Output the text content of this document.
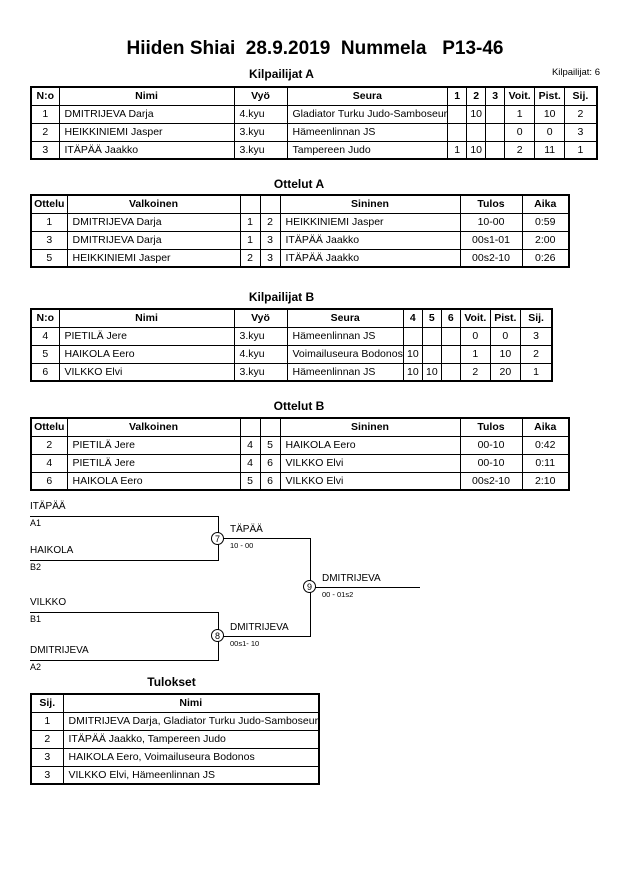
Hiiden Shiai  28.9.2019  Nummela   P13-46
Kilpailijat: 6
Kilpailijat A
N:o	Nimi	Vyö	Seura	1	2	3	Voit.	Pist.	Sij.
1	DMITRIJEVA Darja	4.kyu	Gladiator Turku Judo-Samboseur		10		1	10	2
2	HEIKKINIEMI Jasper	3.kyu	Hämeenlinnan JS				0	0	3
3	ITÄPÄÄ Jaakko	3.kyu	Tampereen Judo	1	10		2	11	1
Ottelut A
Ottelu	Valkoinen			Sininen	Tulos	Aika
1	DMITRIJEVA Darja	1	2	HEIKKINIEMI Jasper	10-00	0:59
3	DMITRIJEVA Darja	1	3	ITÄPÄÄ Jaakko	00s1-01	2:00
5	HEIKKINIEMI Jasper	2	3	ITÄPÄÄ Jaakko	00s2-10	0:26
Kilpailijat B
N:o	Nimi	Vyö	Seura	4	5	6	Voit.	Pist.	Sij.
4	PIETILÄ Jere	3.kyu	Hämeenlinnan JS				0	0	3
5	HAIKOLA Eero	4.kyu	Voimailuseura Bodonos	10			1	10	2
6	VILKKO Elvi	3.kyu	Hämeenlinnan JS	10	10		2	20	1
Ottelut B
Ottelu	Valkoinen			Sininen	Tulos	Aika
2	PIETILÄ Jere	4	5	HAIKOLA Eero	00-10	0:42
4	PIETILÄ Jere	4	6	VILKKO Elvi	00-10	0:11
6	HAIKOLA Eero	5	6	VILKKO Elvi	00s2-10	2:10
ITÄPÄÄ
A1
HAIKOLA
B2
VILKKO
B1
DMITRIJEVA
A2
7
TÄPÄÄ
10 - 00
8
DMITRIJEVA
00s1- 10
9
DMITRIJEVA
00 - 01s2
Tulokset
Sij.	Nimi
1	DMITRIJEVA Darja, Gladiator Turku Judo-Samboseur
2	ITÄPÄÄ Jaakko, Tampereen Judo
3	HAIKOLA Eero, Voimailuseura Bodonos
3	VILKKO Elvi, Hämeenlinnan JS
